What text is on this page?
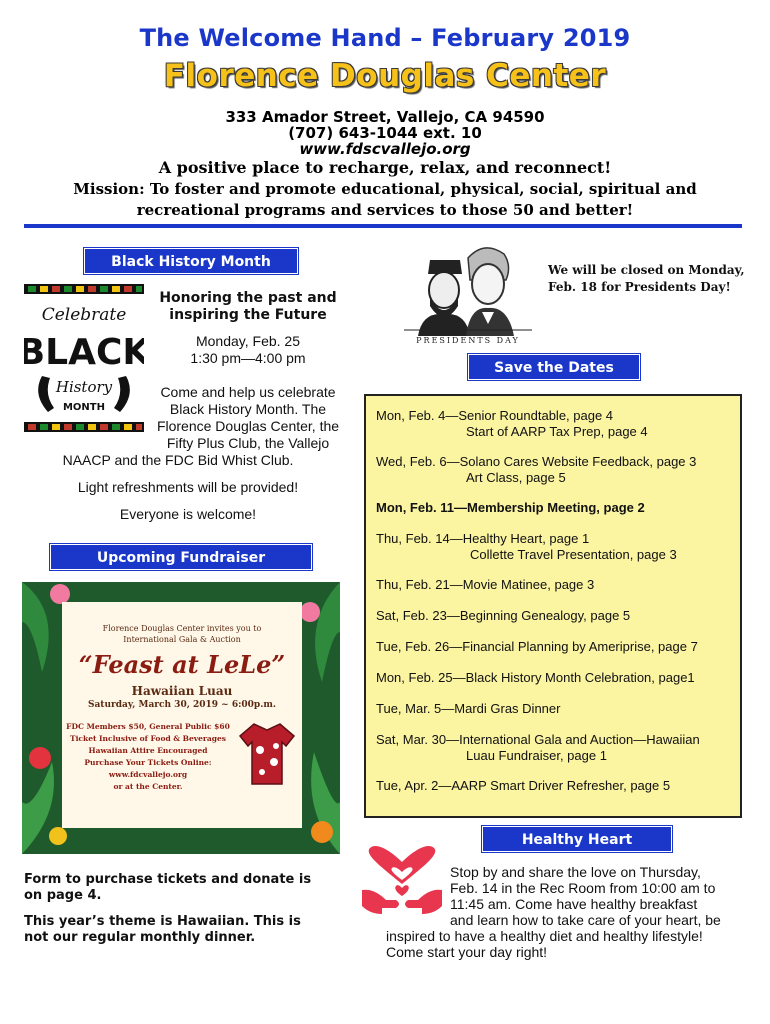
The Welcome Hand – February 2019
Florence Douglas Center
333 Amador Street, Vallejo, CA 94590
(707) 643-1044 ext. 10
www.fdscvallejo.org
A positive place to recharge, relax, and reconnect!
Mission: To foster and promote educational, physical, social, spiritual and
recreational programs and services to those 50 and better!
Black History Month
Celebrate
BLACK
History
MONTH
Honoring the past and
inspiring the Future
Monday, Feb. 25
1:30 pm—4:00 pm
Come and help us celebrate
Black History Month. The
Florence Douglas Center, the
Fifty Plus Club, the Vallejo
NAACP and the FDC Bid Whist Club.
Light refreshments will be provided!
Everyone is welcome!
PRESIDENTS DAY
We will be closed on Monday,
Feb. 18 for Presidents Day!
Save the Dates
Mon, Feb. 4—Senior Roundtable, page 4
Start of AARP Tax Prep, page 4
Wed, Feb. 6—Solano Cares Website Feedback, page 3
Art Class, page 5
Mon, Feb. 11—Membership Meeting, page 2
Thu, Feb. 14—Healthy Heart, page 1
Collette Travel Presentation, page 3
Thu, Feb. 21—Movie Matinee, page 3
Sat, Feb. 23—Beginning Genealogy, page 5
Tue, Feb. 26—Financial Planning by Ameriprise, page 7
Mon, Feb. 25—Black History Month Celebration, page1
Tue, Mar. 5—Mardi Gras Dinner
Sat, Mar. 30—International Gala and Auction—Hawaiian
Luau Fundraiser, page 1
Tue, Apr. 2—AARP Smart Driver Refresher, page 5
Upcoming Fundraiser
Florence Douglas Center invites you to
International Gala & Auction
“Feast at LeLe”
Hawaiian Luau
Saturday, March 30, 2019 ~ 6:00p.m.
FDC Members $50, General Public $60
Ticket Inclusive of Food & Beverages
Hawaiian Attire Encouraged
Purchase Your Tickets Online:
www.fdcvallejo.org
or at the Center.
Form to purchase tickets and donate is
on page 4.
This year’s theme is Hawaiian. This is
not our regular monthly dinner.
Healthy Heart
Stop by and share the love on Thursday,
Feb. 14 in the Rec Room from 10:00 am to
11:45 am. Come have healthy breakfast
and learn how to take care of your heart, be
inspired to have a healthy diet and healthy lifestyle!
Come start your day right!
